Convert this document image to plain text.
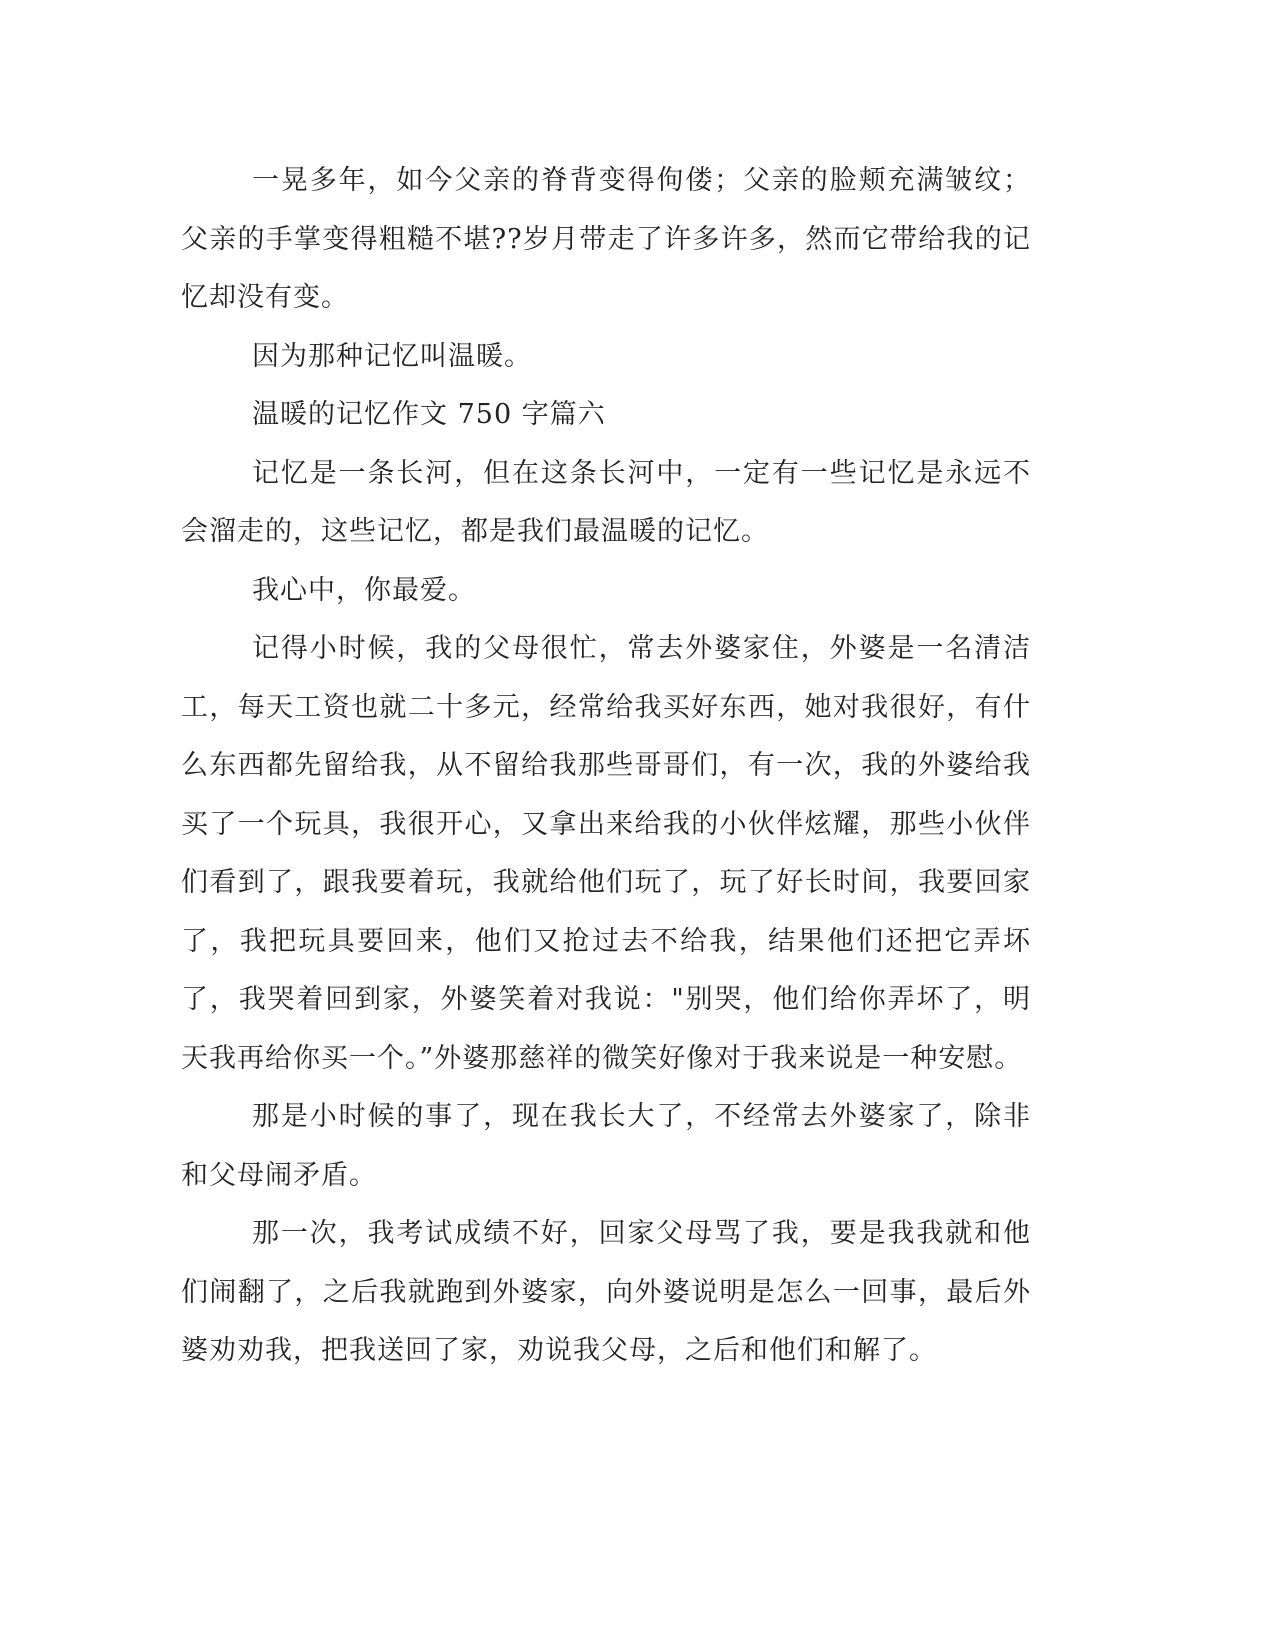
一晃多年，如今父亲的脊背变得佝偻；父亲的脸颊充满皱纹；父亲的手掌变得粗糙不堪??岁月带走了许多许多，然而它带给我的记忆却没有变。

因为那种记忆叫温暖。

温暖的记忆作文 750 字篇六

记忆是一条长河，但在这条长河中，一定有一些记忆是永远不会溜走的，这些记忆，都是我们最温暖的记忆。

我心中，你最爱。

记得小时候，我的父母很忙，常去外婆家住，外婆是一名清洁工，每天工资也就二十多元，经常给我买好东西，她对我很好，有什么东西都先留给我，从不留给我那些哥哥们，有一次，我的外婆给我买了一个玩具，我很开心，又拿出来给我的小伙伴炫耀，那些小伙伴们看到了，跟我要着玩，我就给他们玩了，玩了好长时间，我要回家了，我把玩具要回来，他们又抢过去不给我，结果他们还把它弄坏了，我哭着回到家，外婆笑着对我说："别哭，他们给你弄坏了，明天我再给你买一个。”外婆那慈祥的微笑好像对于我来说是一种安慰。

那是小时候的事了，现在我长大了，不经常去外婆家了，除非和父母闹矛盾。

那一次，我考试成绩不好，回家父母骂了我，要是我我就和他们闹翻了，之后我就跑到外婆家，向外婆说明是怎么一回事，最后外婆劝劝我，把我送回了家，劝说我父母，之后和他们和解了。
